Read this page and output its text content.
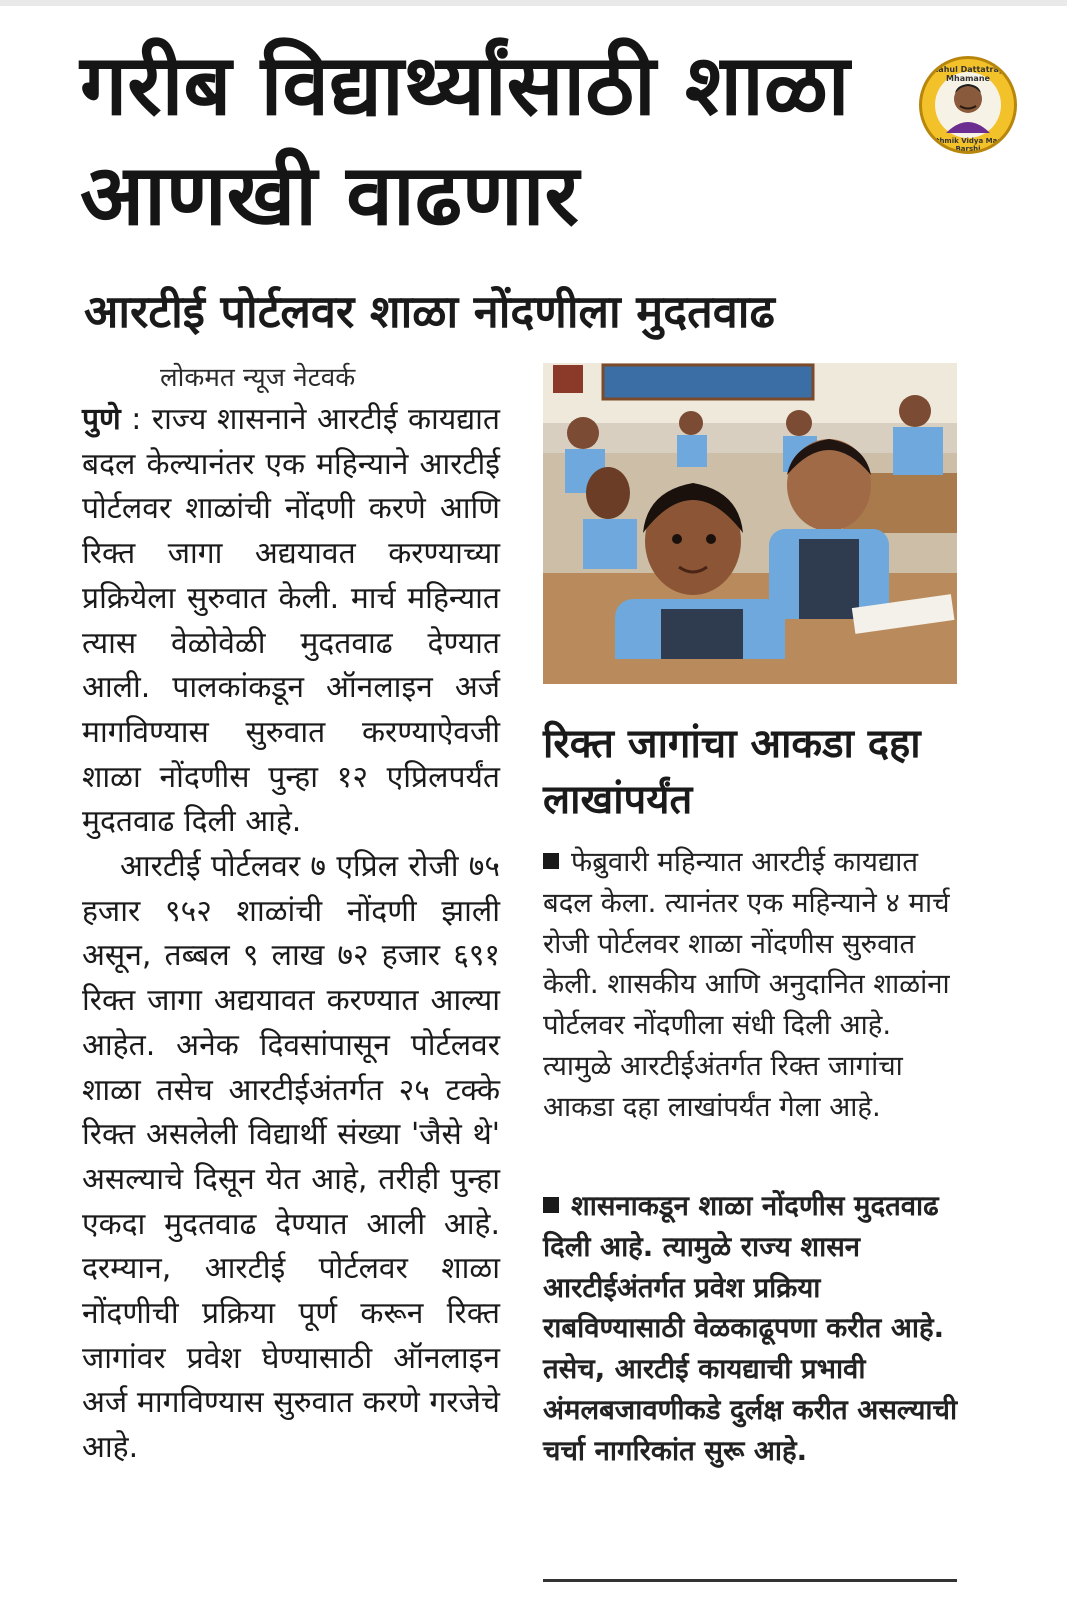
गरीब विद्यार्थ्यांसाठी शाळा आणखी वाढणार
आरटीई पोर्टलवर शाळा नोंदणीला मुदतवाढ
Rahul Dattatray Mhamane
Prathmik Vidya Mandir Barshi

लोकमत न्यूज नेटवर्क

पुणे : राज्य शासनाने आरटीई कायद्यात बदल केल्यानंतर एक महिन्याने आरटीई पोर्टलवर शाळांची नोंदणी करणे आणि रिक्त जागा अद्ययावत करण्याच्या प्रक्रियेला सुरुवात केली. मार्च महिन्यात त्यास वेळोवेळी मुदतवाढ देण्यात आली. पालकांकडून ऑनलाइन अर्ज मागविण्यास सुरुवात करण्याऐवजी शाळा नोंदणीस पुन्हा १२ एप्रिलपर्यंत मुदतवाढ दिली आहे.

आरटीई पोर्टलवर ७ एप्रिल रोजी ७५ हजार ९५२ शाळांची नोंदणी झाली असून, तब्बल ९ लाख ७२ हजार ६९१ रिक्त जागा अद्ययावत करण्यात आल्या आहेत. अनेक दिवसांपासून पोर्टलवर शाळा तसेच आरटीईअंतर्गत २५ टक्के रिक्त असलेली विद्यार्थी संख्या 'जैसे थे' असल्याचे दिसून येत आहे, तरीही पुन्हा एकदा मुदतवाढ देण्यात आली आहे. दरम्यान, आरटीई पोर्टलवर शाळा नोंदणीची प्रक्रिया पूर्ण करून रिक्त जागांवर प्रवेश घेण्यासाठी ऑनलाइन अर्ज मागविण्यास सुरुवात करणे गरजेचे आहे.

रिक्त जागांचा आकडा दहा लाखांपर्यंत

फेब्रुवारी महिन्यात आरटीई कायद्यात बदल केला. त्यानंतर एक महिन्याने ४ मार्च रोजी पोर्टलवर शाळा नोंदणीस सुरुवात केली. शासकीय आणि अनुदानित शाळांना पोर्टलवर नोंदणीला संधी दिली आहे. त्यामुळे आरटीईअंतर्गत रिक्त जागांचा आकडा दहा लाखांपर्यंत गेला आहे.

शासनाकडून शाळा नोंदणीस मुदतवाढ दिली आहे. त्यामुळे राज्य शासन आरटीईअंतर्गत प्रवेश प्रक्रिया राबविण्यासाठी वेळकाढूपणा करीत आहे. तसेच, आरटीई कायद्याची प्रभावी अंमलबजावणीकडे दुर्लक्ष करीत असल्याची चर्चा नागरिकांत सुरू आहे.
